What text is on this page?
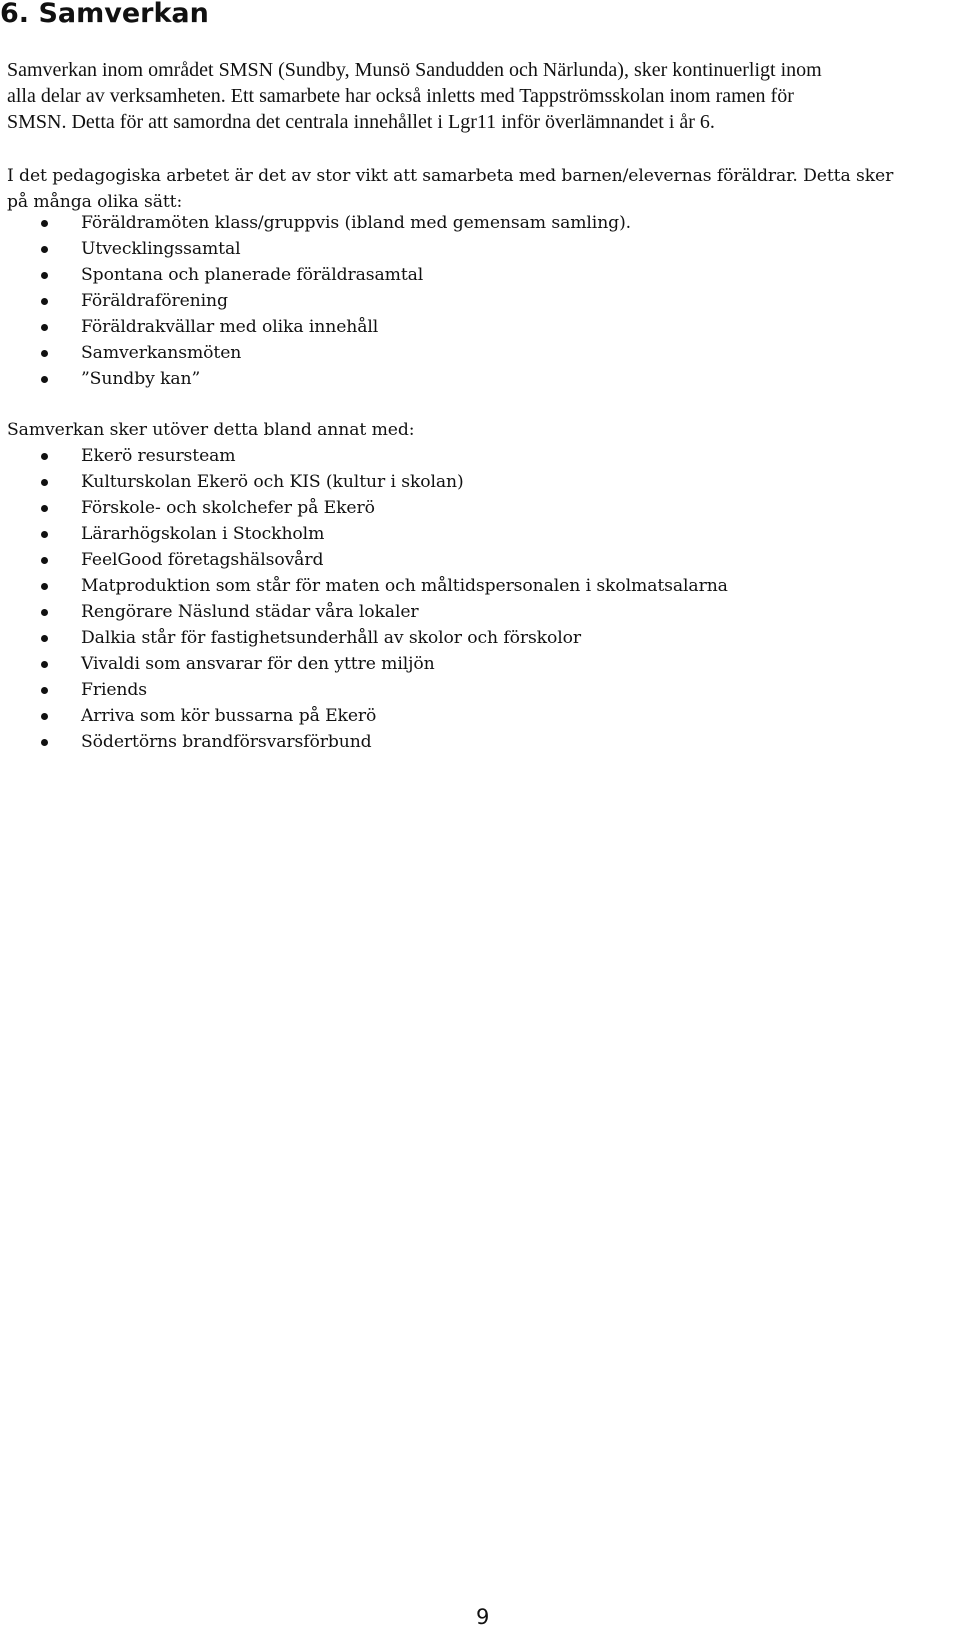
6. Samverkan

Samverkan inom området SMSN (Sundby, Munsö Sandudden och Närlunda), sker kontinuerligt inom
alla delar av verksamheten. Ett samarbete har också inletts med Tappströmsskolan inom ramen för
SMSN. Detta för att samordna det centrala innehållet i Lgr11 inför överlämnandet i år 6.

I det pedagogiska arbetet är det av stor vikt att samarbeta med barnen/elevernas föräldrar. Detta sker
på många olika sätt:

Föräldramöten klass/gruppvis (ibland med gemensam samling).
Utvecklingssamtal
Spontana och planerade föräldrasamtal
Föräldraförening
Föräldrakvällar med olika innehåll
Samverkansmöten
”Sundby kan”

Samverkan sker utöver detta bland annat med:

Ekerö resursteam
Kulturskolan Ekerö och KIS (kultur i skolan)
Förskole- och skolchefer på Ekerö
Lärarhögskolan i Stockholm
FeelGood företagshälsovård
Matproduktion som står för maten och måltidspersonalen i skolmatsalarna
Rengörare Näslund städar våra lokaler
Dalkia står för fastighetsunderhåll av skolor och förskolor
Vivaldi som ansvarar för den yttre miljön
Friends
Arriva som kör bussarna på Ekerö
Södertörns brandförsvarsförbund
9
